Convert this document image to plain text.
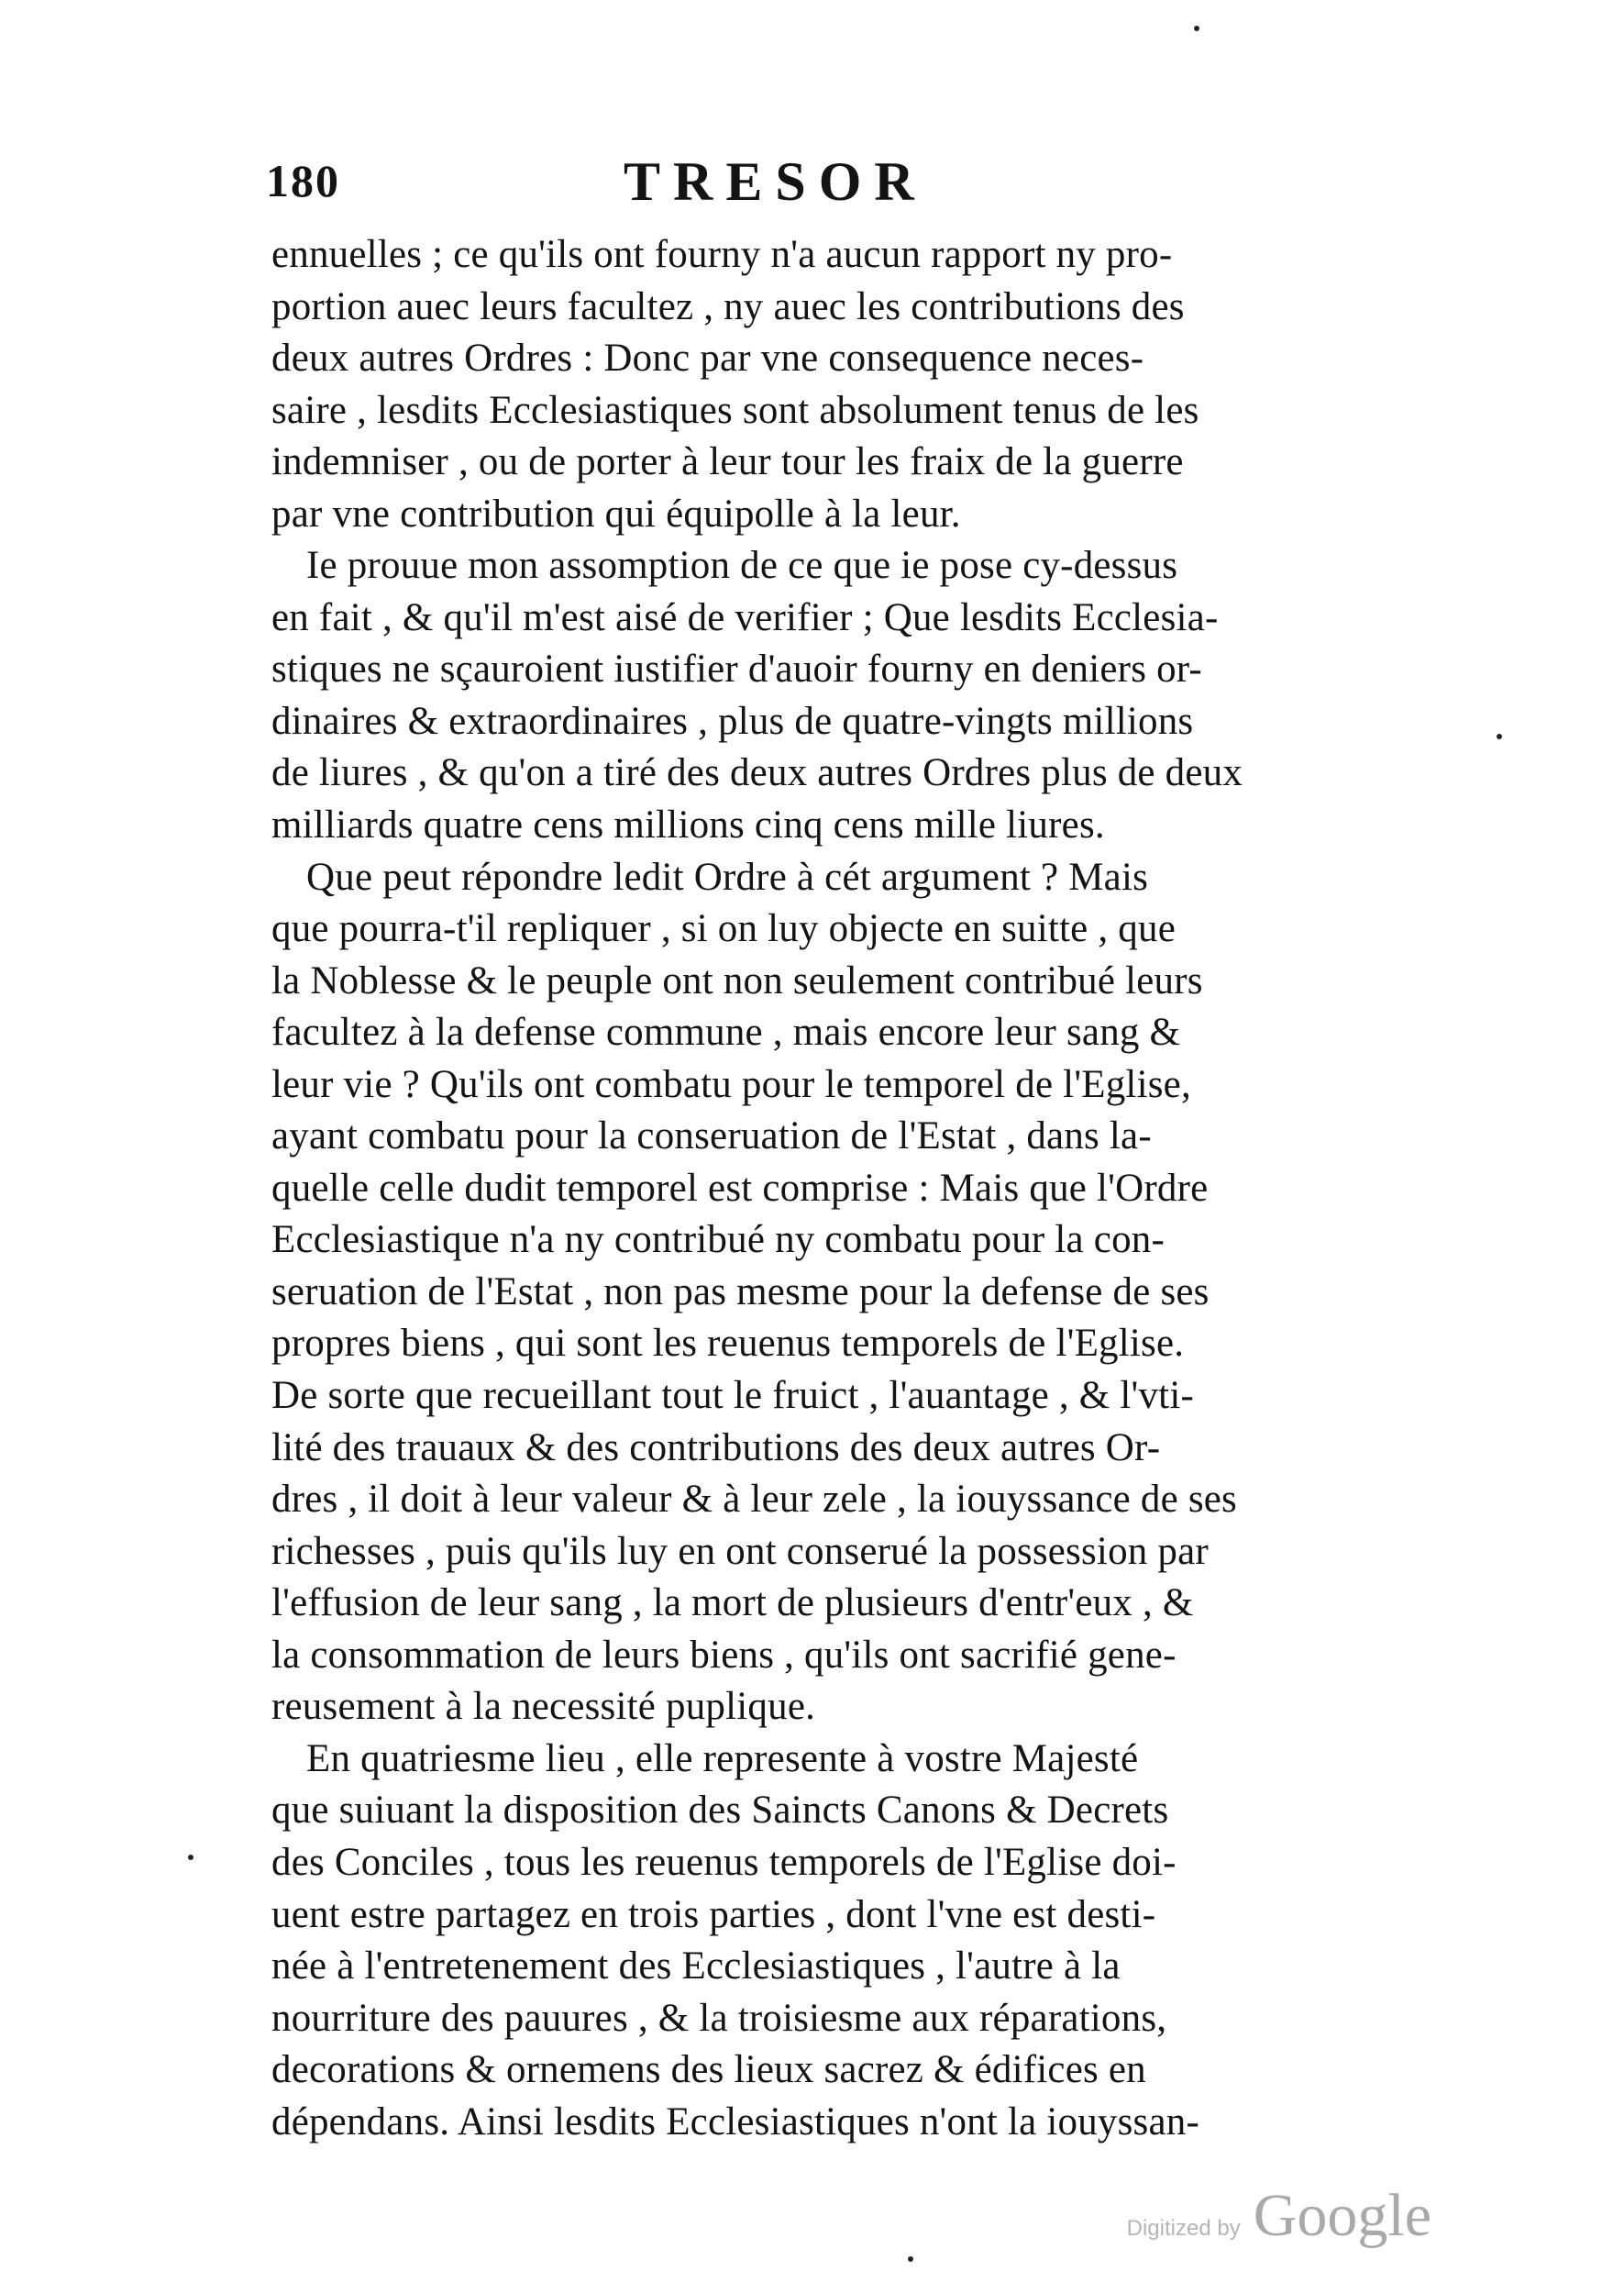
180	TRESOR
ennuelles ; ce qu'ils ont fourny n'a aucun rapport ny pro-
portion auec leurs facultez , ny auec les contributions des
deux autres Ordres : Donc par vne consequence neces-
saire , lesdits Ecclesiastiques sont absolument tenus de les
indemniser , ou de porter à leur tour les fraix de la guerre
par vne contribution qui équipolle à la leur.
Ie prouue mon assomption de ce que ie pose cy-dessus
en fait , & qu'il m'est aisé de verifier ; Que lesdits Ecclesia-
stiques ne sçauroient iustifier d'auoir fourny en deniers or-
dinaires & extraordinaires , plus de quatre-vingts millions
de liures , & qu'on a tiré des deux autres Ordres plus de deux
milliards quatre cens millions cinq cens mille liures.
Que peut répondre ledit Ordre à cét argument ? Mais
que pourra-t'il repliquer , si on luy objecte en suitte , que
la Noblesse & le peuple ont non seulement contribué leurs
facultez à la defense commune , mais encore leur sang &
leur vie ? Qu'ils ont combatu pour le temporel de l'Eglise,
ayant combatu pour la conseruation de l'Estat , dans la-
quelle celle dudit temporel est comprise : Mais que l'Ordre
Ecclesiastique n'a ny contribué ny combatu pour la con-
seruation de l'Estat , non pas mesme pour la defense de ses
propres biens , qui sont les reuenus temporels de l'Eglise.
De sorte que recueillant tout le fruict , l'auantage , & l'vti-
lité des trauaux & des contributions des deux autres Or-
dres , il doit à leur valeur & à leur zele , la iouyssance de ses
richesses , puis qu'ils luy en ont conserué la possession par
l'effusion de leur sang , la mort de plusieurs d'entr'eux , &
la consommation de leurs biens , qu'ils ont sacrifié gene-
reusement à la necessité puplique.
En quatriesme lieu , elle represente à vostre Majesté
que suiuant la disposition des Saincts Canons & Decrets
des Conciles , tous les reuenus temporels de l'Eglise doi-
uent estre partagez en trois parties , dont l'vne est desti-
née à l'entretenement des Ecclesiastiques , l'autre à la
nourriture des pauures , & la troisiesme aux réparations,
decorations & ornemens des lieux sacrez & édifices en
dépendans. Ainsi lesdits Ecclesiastiques n'ont la iouyssan-
Digitized by Google
